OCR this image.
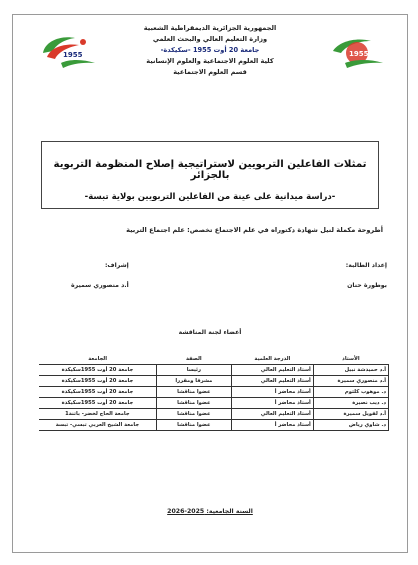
1955	1955
الجمهورية الجزائرية الديمقراطية الشعبية
وزارة التعليم العالي والبحث العلمي
جامعة 20 أوت 1955 -سكيكدة-
كلية العلوم الاجتماعية والعلوم الإنسانية
قسم العلوم الاجتماعية
تمثلات الفاعلين التربويين لاستراتيجية إصلاح المنظومة التربوية بالجزائر
-دراسة ميدانية على عينة من الفاعلين التربويين بولاية تبسة-
أطروحة مكملة لنيل شهادة دكتوراه في علم الاجتماع تخصص: علم اجتماع التربية
إعداد الطالبة:
بوطورة حنان
إشراف:
أ.د منصوري سميرة
أعضاء لجنة المناقشة
الأستاذ	الدرجة العلمية	الصفة	الجامعة
أ.د حميدشة نبيل	أستاذ التعليم العالي	رئيسا	جامعة 20 أوت 1955سكيكدة
أ.د منصوري سميرة	أستاذ التعليم العالي	مشرفا ومقررا	جامعة 20 أوت 1955سكيكدة
د. موهوب كلثوم	أستاذ محاضر أ	عضوا مناقشا	جامعة 20 أوت 1955سكيكدة
د. ديب نصيرة	أستاذ محاضر أ	عضوا مناقشا	جامعة 20 أوت 1955سكيكدة
أ.د لفويل سميرة	أستاذ التعليم العالي	عضوا مناقشا	جامعة الحاج لخضر- باتنة1
د. شاوي رياض	أستاذ محاضر أ	عضوا مناقشا	جامعة الشيخ العربي تبسي- تبسة
السنة الجامعية: 2025-2026
